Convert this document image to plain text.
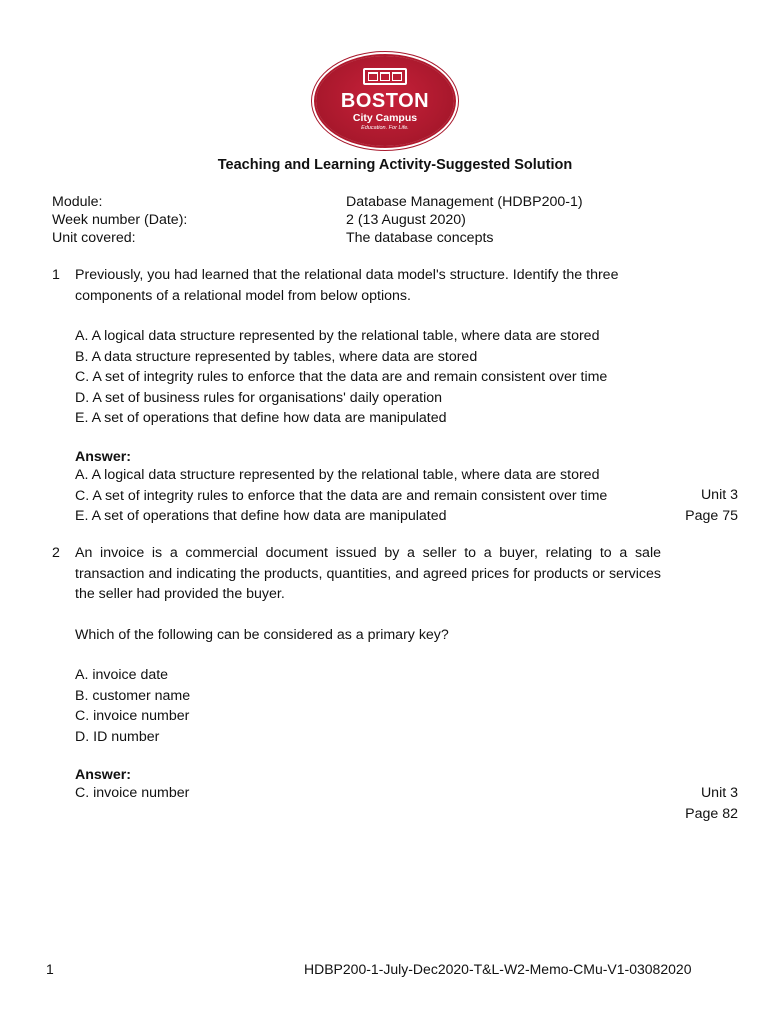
BOSTON
City Campus
Education. For Life.
Teaching and Learning Activity-Suggested Solution
Module:	Database Management (HDBP200-1)
Week number (Date):	2 (13 August 2020)
Unit covered:	The database concepts
1 Previously, you had learned that the relational data model's structure. Identify the three components of a relational model from below options.
A. A logical data structure represented by the relational table, where data are stored
B. A data structure represented by tables, where data are stored
C. A set of integrity rules to enforce that the data are and remain consistent over time
D. A set of business rules for organisations' daily operation
E. A set of operations that define how data are manipulated
Answer:
A. A logical data structure represented by the relational table, where data are stored
C. A set of integrity rules to enforce that the data are and remain consistent over time
E. A set of operations that define how data are manipulated
Unit 3
Page 75
2 An invoice is a commercial document issued by a seller to a buyer, relating to a sale transaction and indicating the products, quantities, and agreed prices for products or services the seller had provided the buyer.
Which of the following can be considered as a primary key?
A. invoice date
B. customer name
C. invoice number
D. ID number
Answer:
C. invoice number	Unit 3
Page 82
1	HDBP200-1-July-Dec2020-T&L-W2-Memo-CMu-V1-03082020
